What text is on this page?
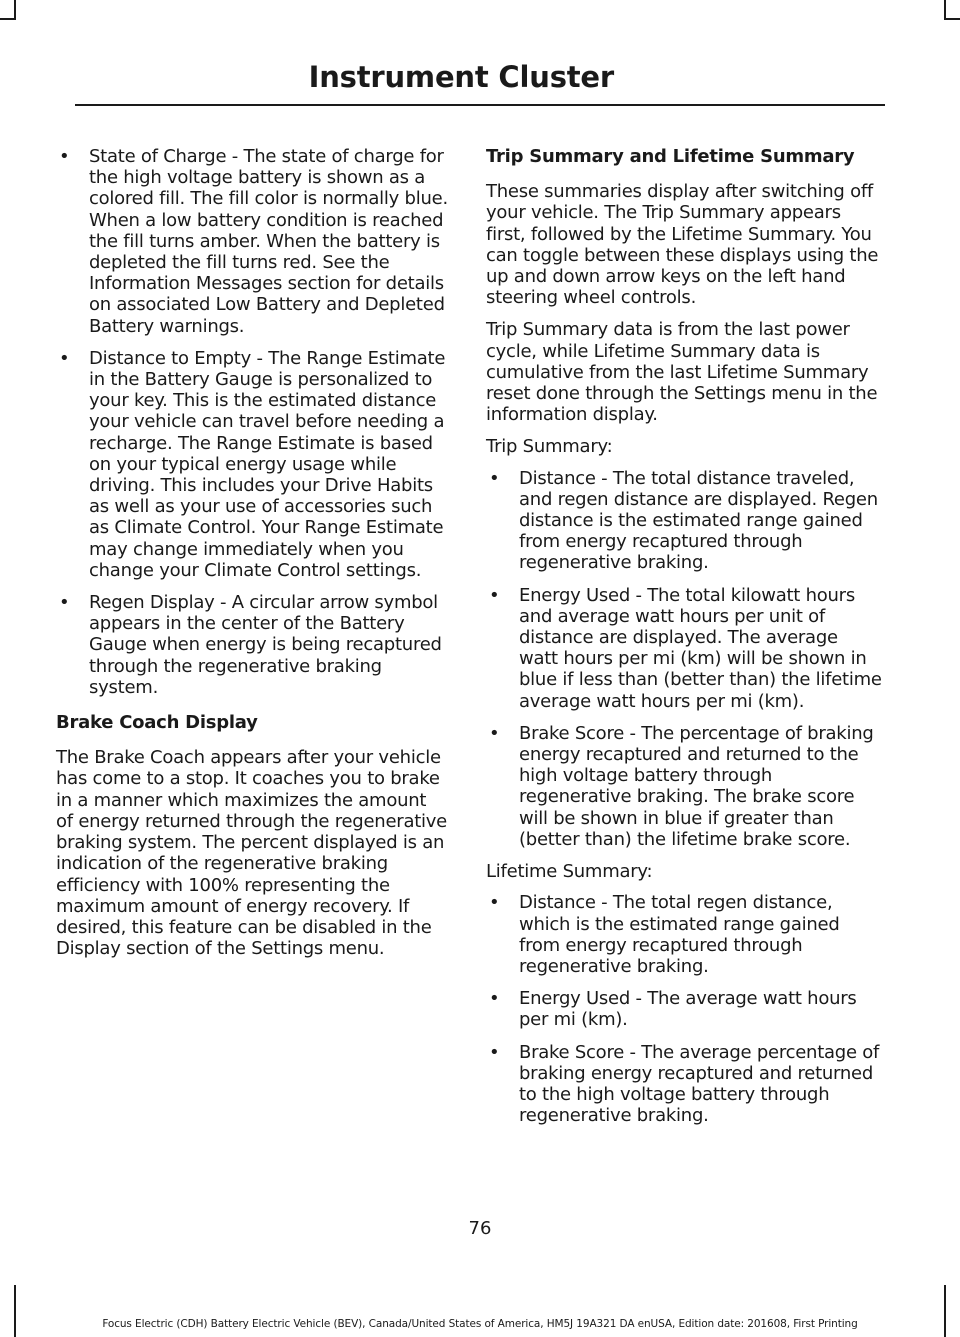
Instrument Cluster
• State of Charge - The state of charge for the high voltage battery is shown as a colored fill. The fill color is normally blue. When a low battery condition is reached the fill turns amber. When the battery is depleted the fill turns red. See the Information Messages section for details on associated Low Battery and Depleted Battery warnings.
• Distance to Empty - The Range Estimate in the Battery Gauge is personalized to your key. This is the estimated distance your vehicle can travel before needing a recharge. The Range Estimate is based on your typical energy usage while driving. This includes your Drive Habits as well as your use of accessories such as Climate Control. Your Range Estimate may change immediately when you change your Climate Control settings.
• Regen Display - A circular arrow symbol appears in the center of the Battery Gauge when energy is being recaptured through the regenerative braking system.
Brake Coach Display

The Brake Coach appears after your vehicle has come to a stop. It coaches you to brake in a manner which maximizes the amount of energy returned through the regenerative braking system. The percent displayed is an indication of the regenerative braking efficiency with 100% representing the maximum amount of energy recovery. If desired, this feature can be disabled in the Display section of the Settings menu.

Trip Summary and Lifetime Summary

These summaries display after switching off your vehicle. The Trip Summary appears first, followed by the Lifetime Summary. You can toggle between these displays using the up and down arrow keys on the left hand steering wheel controls.

Trip Summary data is from the last power cycle, while Lifetime Summary data is cumulative from the last Lifetime Summary reset done through the Settings menu in the information display.

Trip Summary:
• Distance - The total distance traveled, and regen distance are displayed. Regen distance is the estimated range gained from energy recaptured through regenerative braking.
• Energy Used - The total kilowatt hours and average watt hours per unit of distance are displayed. The average watt hours per mi (km) will be shown in blue if less than (better than) the lifetime average watt hours per mi (km).
• Brake Score - The percentage of braking energy recaptured and returned to the high voltage battery through regenerative braking. The brake score will be shown in blue if greater than (better than) the lifetime brake score.
Lifetime Summary:
• Distance - The total regen distance, which is the estimated range gained from energy recaptured through regenerative braking.
• Energy Used - The average watt hours per mi (km).
• Brake Score - The average percentage of braking energy recaptured and returned to the high voltage battery through regenerative braking.
76
Focus Electric (CDH) Battery Electric Vehicle (BEV), Canada/United States of America, HM5J 19A321 DA enUSA, Edition date: 201608, First Printing
